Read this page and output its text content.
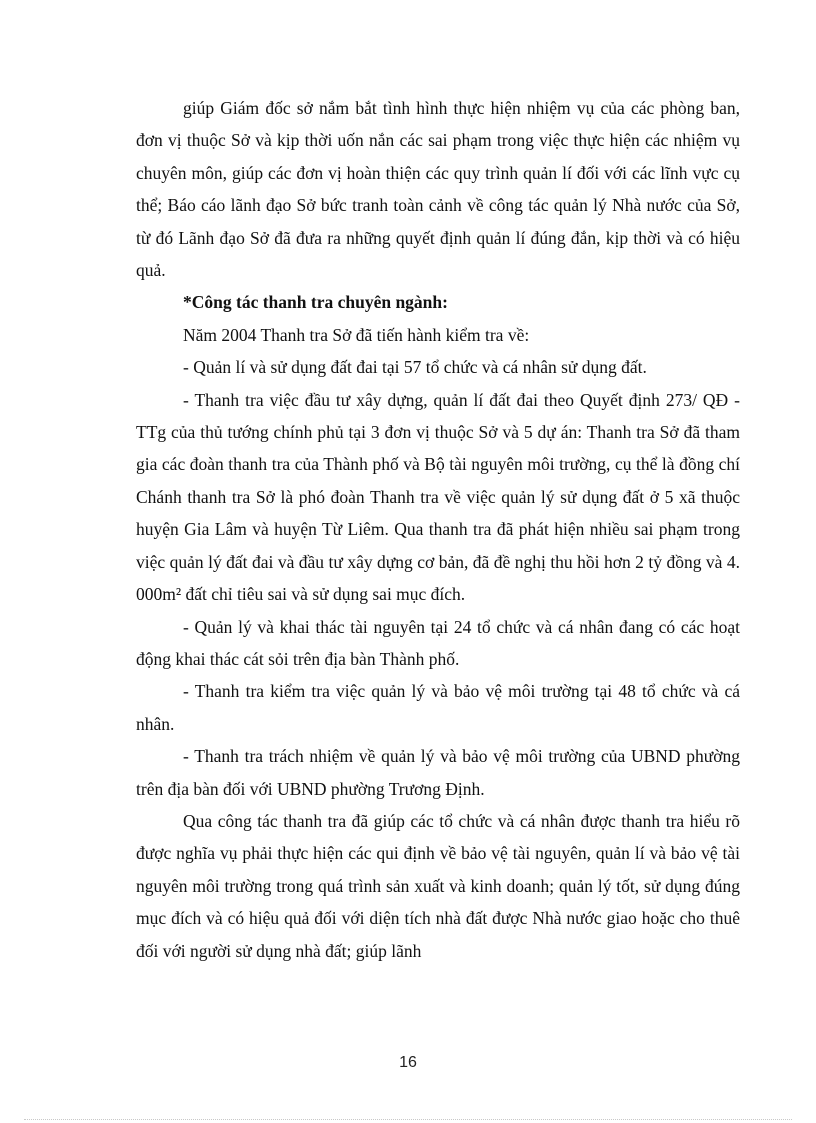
giúp Giám đốc sở nắm bắt tình hình thực hiện nhiệm vụ của các phòng ban, đơn vị thuộc Sở và kịp thời uốn nắn các sai phạm trong việc thực hiện các nhiệm vụ chuyên môn, giúp các đơn vị hoàn thiện các quy trình quản lí đối với các lĩnh vực cụ thể; Báo cáo lãnh đạo Sở bức tranh toàn cảnh về công tác quản lý Nhà nước của Sở, từ đó Lãnh đạo Sở đã đưa ra những quyết định quản lí đúng đắn, kịp thời và có hiệu quả.

*Công tác thanh tra chuyên ngành:

Năm 2004 Thanh tra Sở đã tiến hành kiểm tra về:

- Quản lí và sử dụng đất đai tại 57 tổ chức và cá nhân sử dụng đất.

- Thanh tra việc đầu tư xây dựng, quản lí đất đai theo Quyết định 273/ QĐ - TTg của thủ tướng chính phủ tại 3 đơn vị thuộc Sở và 5 dự án: Thanh tra Sở đã tham gia các đoàn thanh tra của Thành phố và Bộ tài nguyên môi trường, cụ thể là đồng chí Chánh thanh tra Sở là phó đoàn Thanh tra về việc quản lý sử dụng đất ở 5 xã thuộc huyện Gia Lâm và huyện Từ Liêm. Qua thanh tra đã phát hiện nhiều sai phạm trong việc quản lý đất đai và đầu tư xây dựng cơ bản, đã đề nghị thu hồi hơn 2 tỷ đồng và 4. 000m² đất chỉ tiêu sai và sử dụng sai mục đích.

- Quản lý và khai thác tài nguyên tại 24 tổ chức và cá nhân đang có các hoạt động khai thác cát sỏi trên địa bàn Thành phố.

- Thanh tra kiểm tra việc quản lý và bảo vệ môi trường tại 48 tổ chức và cá nhân.

- Thanh tra trách nhiệm về quản lý và bảo vệ môi trường của UBND phường trên địa bàn đối với UBND phường Trương Định.

Qua công tác thanh tra đã giúp các tổ chức và cá nhân được thanh tra hiểu rõ được nghĩa vụ phải thực hiện các qui định về bảo vệ tài nguyên, quản lí và bảo vệ tài nguyên môi trường trong quá trình sản xuất và kinh doanh; quản lý tốt, sử dụng đúng mục đích và có hiệu quả đối với diện tích nhà đất được Nhà nước giao hoặc cho thuê đối với người sử dụng nhà đất; giúp lãnh

16
